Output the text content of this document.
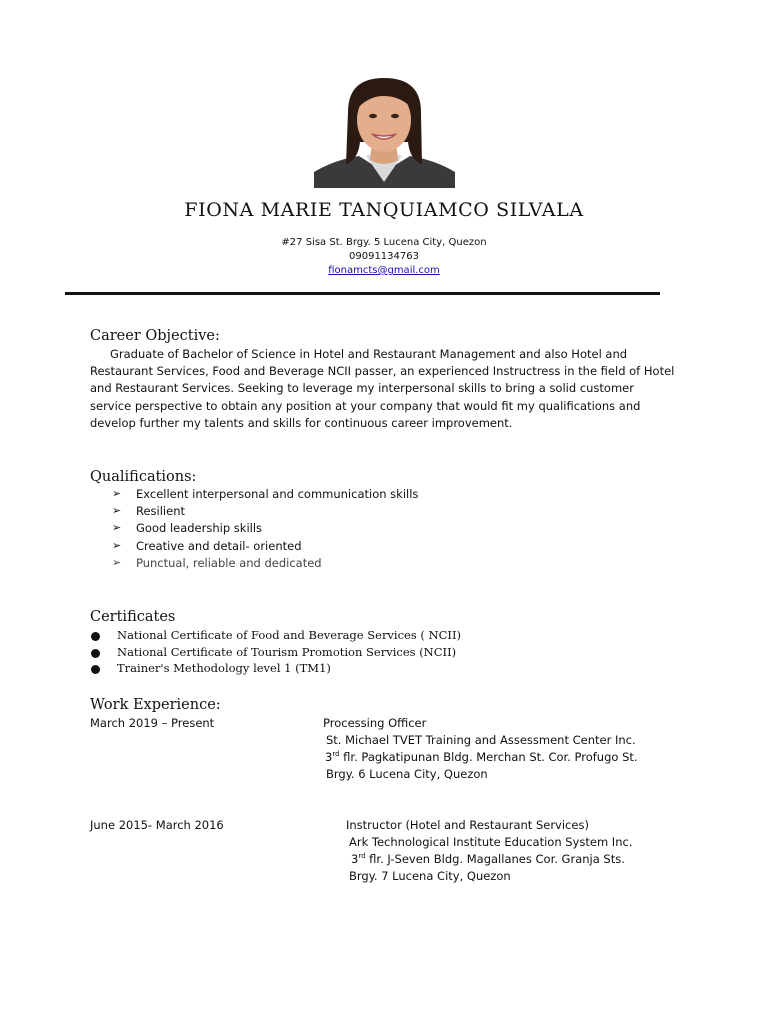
FIONA MARIE TANQUIAMCO SILVALA
#27 Sisa St. Brgy. 5 Lucena City, Quezon
09091134763
fionamcts@gmail.com
Career Objective:

Graduate of Bachelor of Science in Hotel and Restaurant Management and also Hotel and Restaurant Services, Food and Beverage NCII passer, an experienced Instructress in the field of Hotel and Restaurant Services. Seeking to leverage my interpersonal skills to bring a solid customer service perspective to obtain any position at your company that would fit my qualifications and develop further my talents and skills for continuous career improvement.

Qualifications:
➢ Excellent interpersonal and communication skills
➢ Resilient
➢ Good leadership skills
➢ Creative and detail- oriented
➢ Punctual, reliable and dedicated
Certificates
National Certificate of Food and Beverage Services ( NCII)
National Certificate of Tourism Promotion Services (NCII)
Trainer's Methodology level 1 (TM1)
Work Experience:
March 2019 – Present	Processing Officer
St. Michael TVET Training and Assessment Center Inc.
3rd flr. Pagkatipunan Bldg. Merchan St. Cor. Profugo St.
Brgy. 6 Lucena City, Quezon
June 2015- March 2016	Instructor (Hotel and Restaurant Services)
Ark Technological Institute Education System Inc.
3rd flr. J-Seven Bldg. Magallanes Cor. Granja Sts.
Brgy. 7 Lucena City, Quezon
